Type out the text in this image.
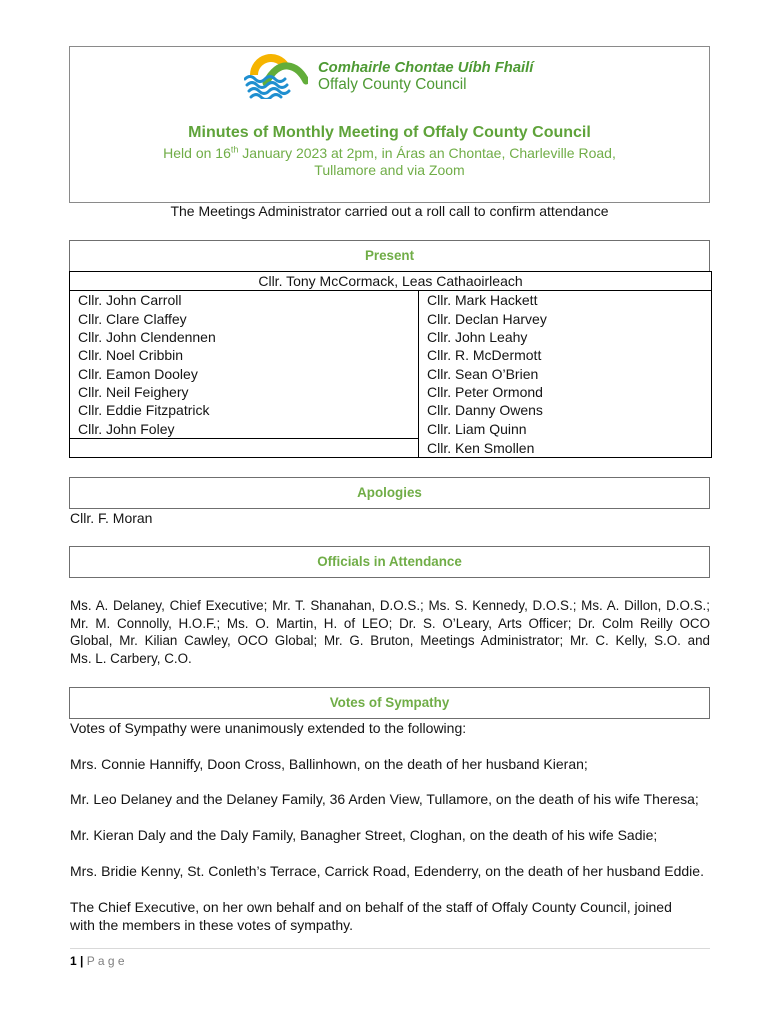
Comhairle Chontae Uíbh Fhailí
Offaly County Council
Minutes of Monthly Meeting of Offaly County Council
Held on 16th January 2023 at 2pm, in Áras an Chontae, Charleville Road,
Tullamore and via Zoom
The Meetings Administrator carried out a roll call to confirm attendance
Present
Cllr. Tony McCormack, Leas Cathaoirleach	
Cllr. John Carroll	Cllr. Mark Hackett
Cllr. Clare Claffey	Cllr. Declan Harvey
Cllr. John Clendennen	Cllr. John Leahy
Cllr. Noel Cribbin	Cllr. R. McDermott
Cllr. Eamon Dooley	Cllr. Sean O’Brien
Cllr. Neil Feighery	Cllr. Peter Ormond
Cllr. Eddie Fitzpatrick	Cllr. Danny Owens
Cllr. John Foley	Cllr. Liam Quinn
	Cllr. Ken Smollen
Apologies
Cllr. F. Moran
Officials in Attendance
Ms. A. Delaney, Chief Executive; Mr. T. Shanahan, D.O.S.; Ms. S. Kennedy, D.O.S.; Ms. A. Dillon, D.O.S.;
Mr. M. Connolly, H.O.F.; Ms. O. Martin, H. of LEO; Dr. S. O’Leary, Arts Officer; Dr. Colm Reilly OCO
Global, Mr. Kilian Cawley, OCO Global; Mr. G. Bruton, Meetings Administrator; Mr. C. Kelly, S.O. and
Ms. L. Carbery, C.O.
Votes of Sympathy
Votes of Sympathy were unanimously extended to the following:
Mrs. Connie Hanniffy, Doon Cross, Ballinhown, on the death of her husband Kieran;
Mr. Leo Delaney and the Delaney Family, 36 Arden View, Tullamore, on the death of his wife Theresa;
Mr. Kieran Daly and the Daly Family, Banagher Street, Cloghan, on the death of his wife Sadie;
Mrs. Bridie Kenny, St. Conleth’s Terrace, Carrick Road, Edenderry, on the death of her husband Eddie.
The Chief Executive, on her own behalf and on behalf of the staff of Offaly County Council, joined with the members in these votes of sympathy.
1 | P a g e
